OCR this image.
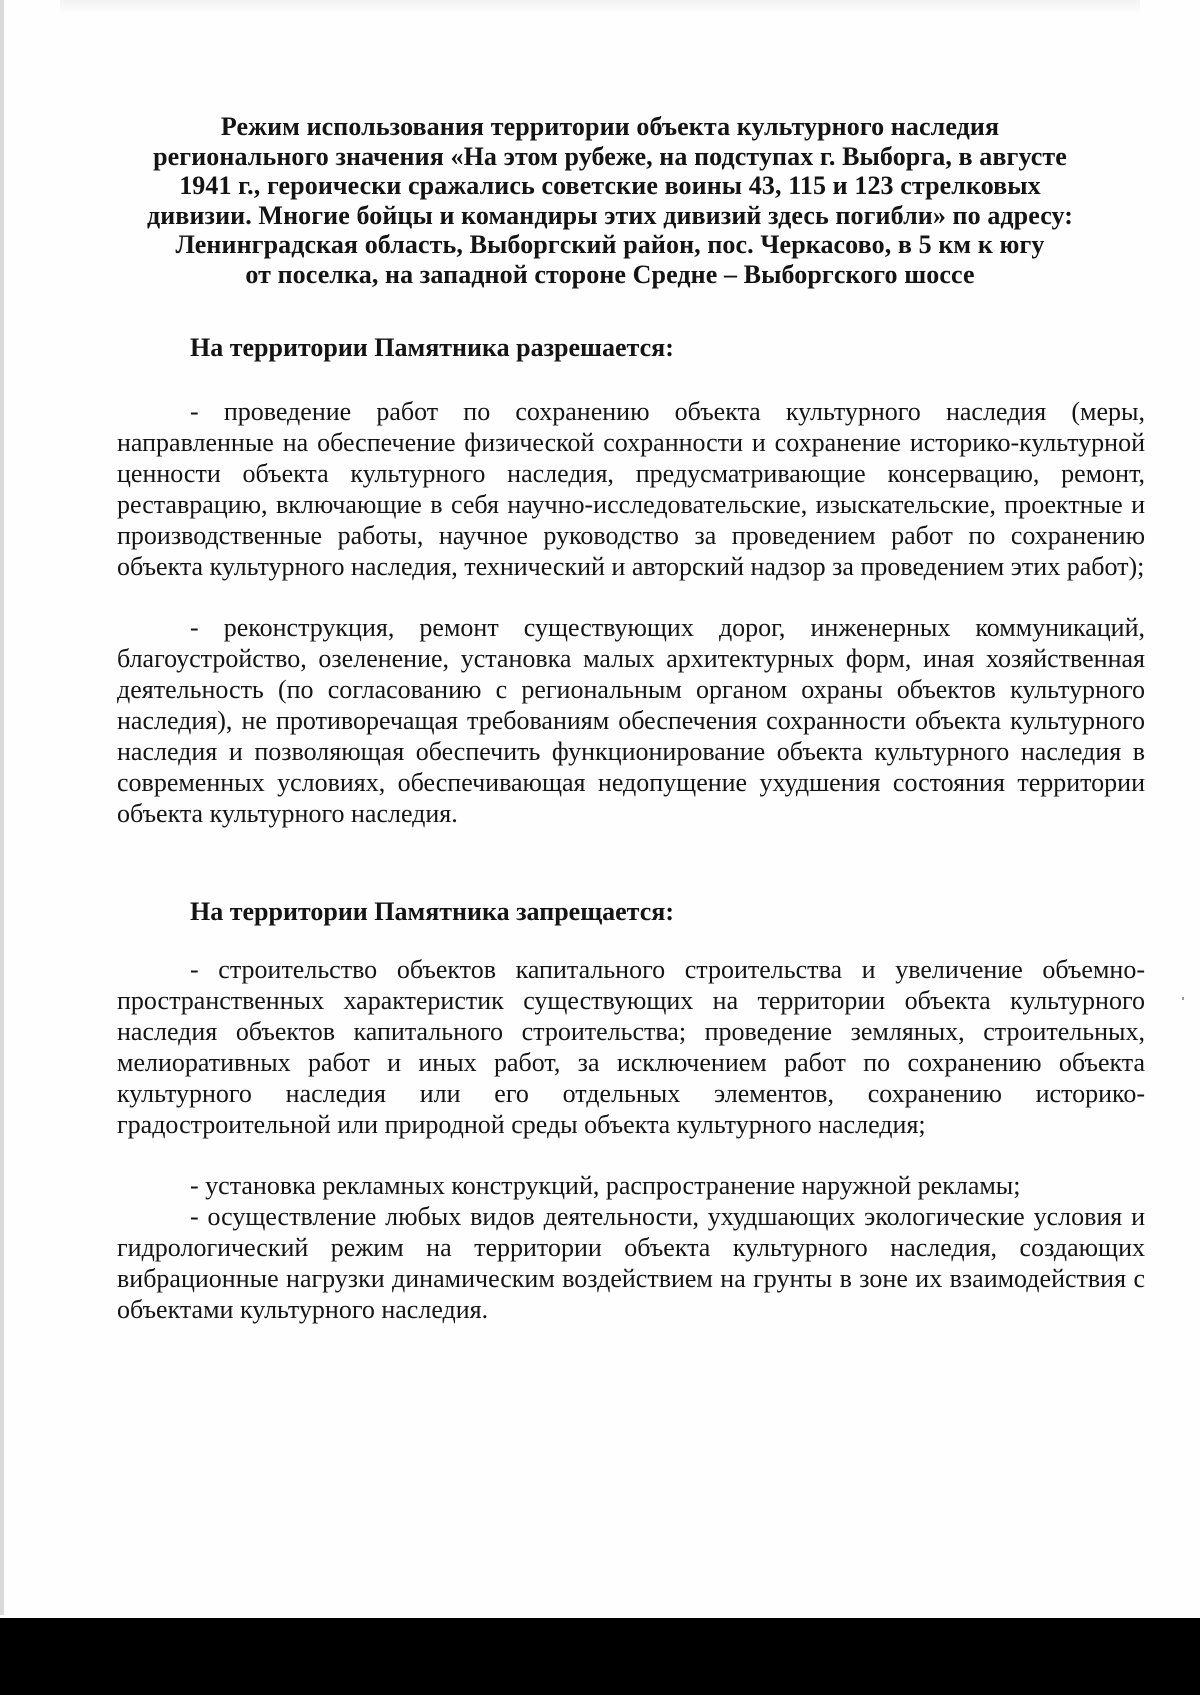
Режим использования территории объекта культурного наследия
регионального значения «На этом рубеже, на подступах г. Выборга, в августе
1941 г., героически сражались советские воины 43, 115 и 123 стрелковых
дивизии. Многие бойцы и командиры этих дивизий здесь погибли» по адресу:
Ленинградская область, Выборгский район, пос. Черкасово, в 5 км к югу
от поселка, на западной стороне Средне – Выборгского шоссе
На территории Памятника разрешается:

- проведение работ по сохранению объекта культурного наследия (меры, направленные на обеспечение физической сохранности и сохранение историко-культурной ценности объекта культурного наследия, предусматривающие консервацию, ремонт, реставрацию, включающие в себя научно-исследовательские, изыскательские, проектные и производственные работы, научное руководство за проведением работ по сохранению объекта культурного наследия, технический и авторский надзор за проведением этих работ);

- реконструкция, ремонт существующих дорог, инженерных коммуникаций, благоустройство, озеленение, установка малых архитектурных форм, иная хозяйственная деятельность (по согласованию с региональным органом охраны объектов культурного наследия), не противоречащая требованиям обеспечения сохранности объекта культурного наследия и позволяющая обеспечить функционирование объекта культурного наследия в современных условиях, обеспечивающая недопущение ухудшения состояния территории объекта культурного наследия.

На территории Памятника запрещается:

- строительство объектов капитального строительства и увеличение объемно-пространственных характеристик существующих на территории объекта культурного наследия объектов капитального строительства; проведение земляных, строительных, мелиоративных работ и иных работ, за исключением работ по сохранению объекта культурного наследия или его отдельных элементов, сохранению историко-градостроительной или природной среды объекта культурного наследия;

- установка рекламных конструкций, распространение наружной рекламы;

- осуществление любых видов деятельности, ухудшающих экологические условия и гидрологический режим на территории объекта культурного наследия, создающих вибрационные нагрузки динамическим воздействием на грунты в зоне их взаимодействия с объектами культурного наследия.
